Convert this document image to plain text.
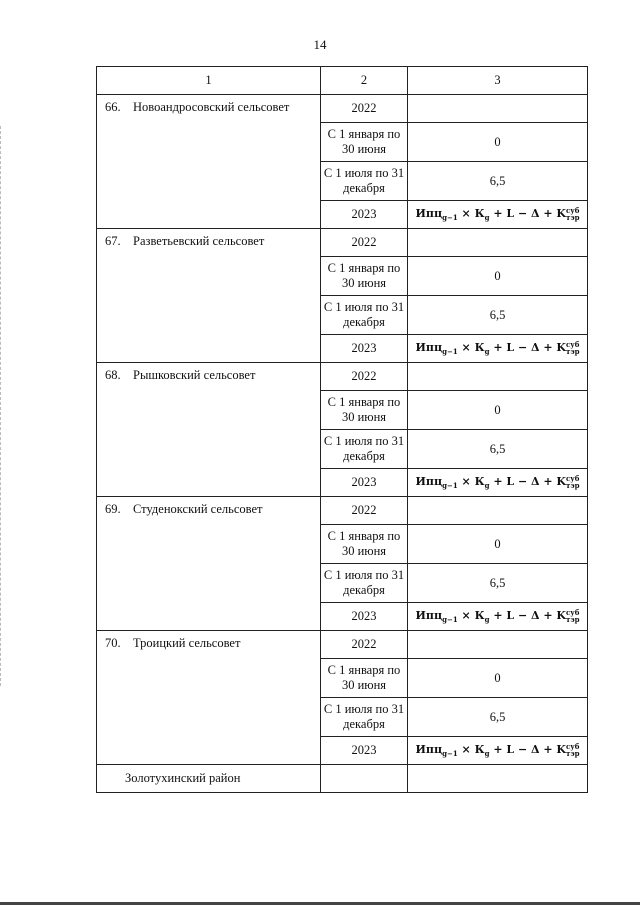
14
1	2	3
66. Новоандросовский сельсовет	2022	
	С 1 января по 30 июня	0
	С 1 июля по 31 декабря	6,5
	2023	$Ипц_{g-1} \times К_g + L - \Delta$ + Kсуб
тэр
67. Разветьевский сельсовет	2022	
	С 1 января по 30 июня	0
	С 1 июля по 31 декабря	6,5
	2023	$Ипц_{g-1} \times К_g + L - \Delta$ + Kсуб
тэр
68. Рышковский сельсовет	2022	
	С 1 января по 30 июня	0
	С 1 июля по 31 декабря	6,5
	2023	$Ипц_{g-1} \times К_g + L - \Delta$ + Kсуб
тэр
69. Студенокский сельсовет	2022	
	С 1 января по 30 июня	0
	С 1 июля по 31 декабря	6,5
	2023	$Ипц_{g-1} \times К_g + L - \Delta$ + Kсуб
тэр
70. Троицкий сельсовет	2022	
	С 1 января по 30 июня	0
	С 1 июля по 31 декабря	6,5
	2023	$Ипц_{g-1} \times К_g + L - \Delta$ + Kсуб
тэр
Золотухинский район		
